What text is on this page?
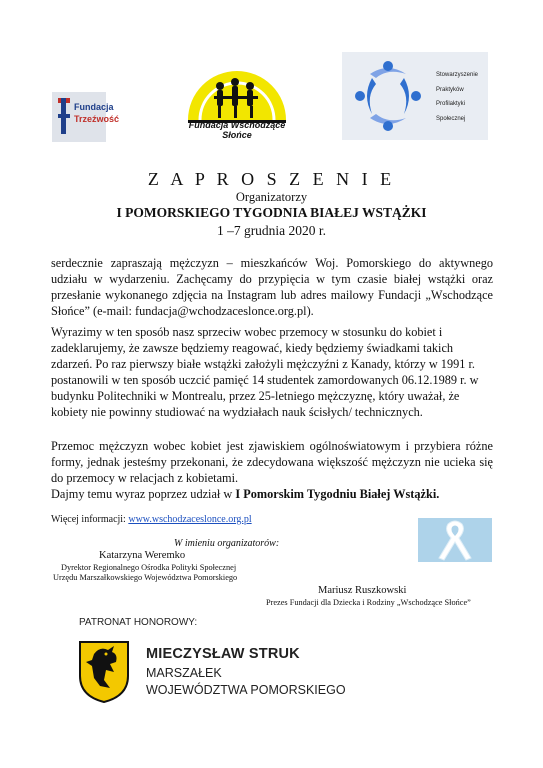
Fundacja
Trzeźwość
Fundacja Wschodzące Słońce
Stowarzyszenie
Praktyków
Profilaktyki
Społecznej
Z A P R O S Z E N I E
Organizatorzy
I POMORSKIEGO TYGODNIA BIAŁEJ WSTĄŻKI
1 –7 grudnia 2020 r.
serdecznie zapraszają mężczyzn – mieszkańców Woj. Pomorskiego do aktywnego udziału w wydarzeniu. Zachęcamy do przypięcia w tym czasie białej wstążki oraz przesłanie wykonanego zdjęcia na Instagram lub adres mailowy Fundacji „Wschodzące Słońce” (e-mail: fundacja@wchodzaceslonce.org.pl).
Wyrazimy w ten sposób nasz sprzeciw wobec przemocy w stosunku do kobiet i zadeklarujemy, że zawsze będziemy reagować, kiedy będziemy świadkami takich zdarzeń. Po raz pierwszy białe wstążki założyli mężczyźni z Kanady, którzy w 1991 r. postanowili w ten sposób uczcić pamięć 14 studentek zamordowanych 06.12.1989 r. w budynku Politechniki w Montrealu, przez 25-letniego mężczyznę, który uważał, że kobiety nie powinny studiować na wydziałach nauk ścisłych/ technicznych.
Przemoc mężczyzn wobec kobiet jest zjawiskiem ogólnoświatowym i przybiera różne formy, jednak jesteśmy przekonani, że zdecydowana większość mężczyzn nie ucieka się do przemocy w relacjach z kobietami.
Dajmy temu wyraz poprzez udział w I Pomorskim Tygodniu Białej Wstążki.
Więcej informacji: www.wschodzaceslonce.org.pl
W imieniu organizatorów:
Katarzyna Weremko
Dyrektor Regionalnego Ośrodka Polityki Społecznej
Urzędu Marszałkowskiego Województwa Pomorskiego
Mariusz Ruszkowski
Prezes Fundacji dla Dziecka i Rodziny „Wschodzące Słońce”
PATRONAT HONOROWY:
MIECZYSŁAW STRUK
MARSZAŁEK
WOJEWÓDZTWA POMORSKIEGO
